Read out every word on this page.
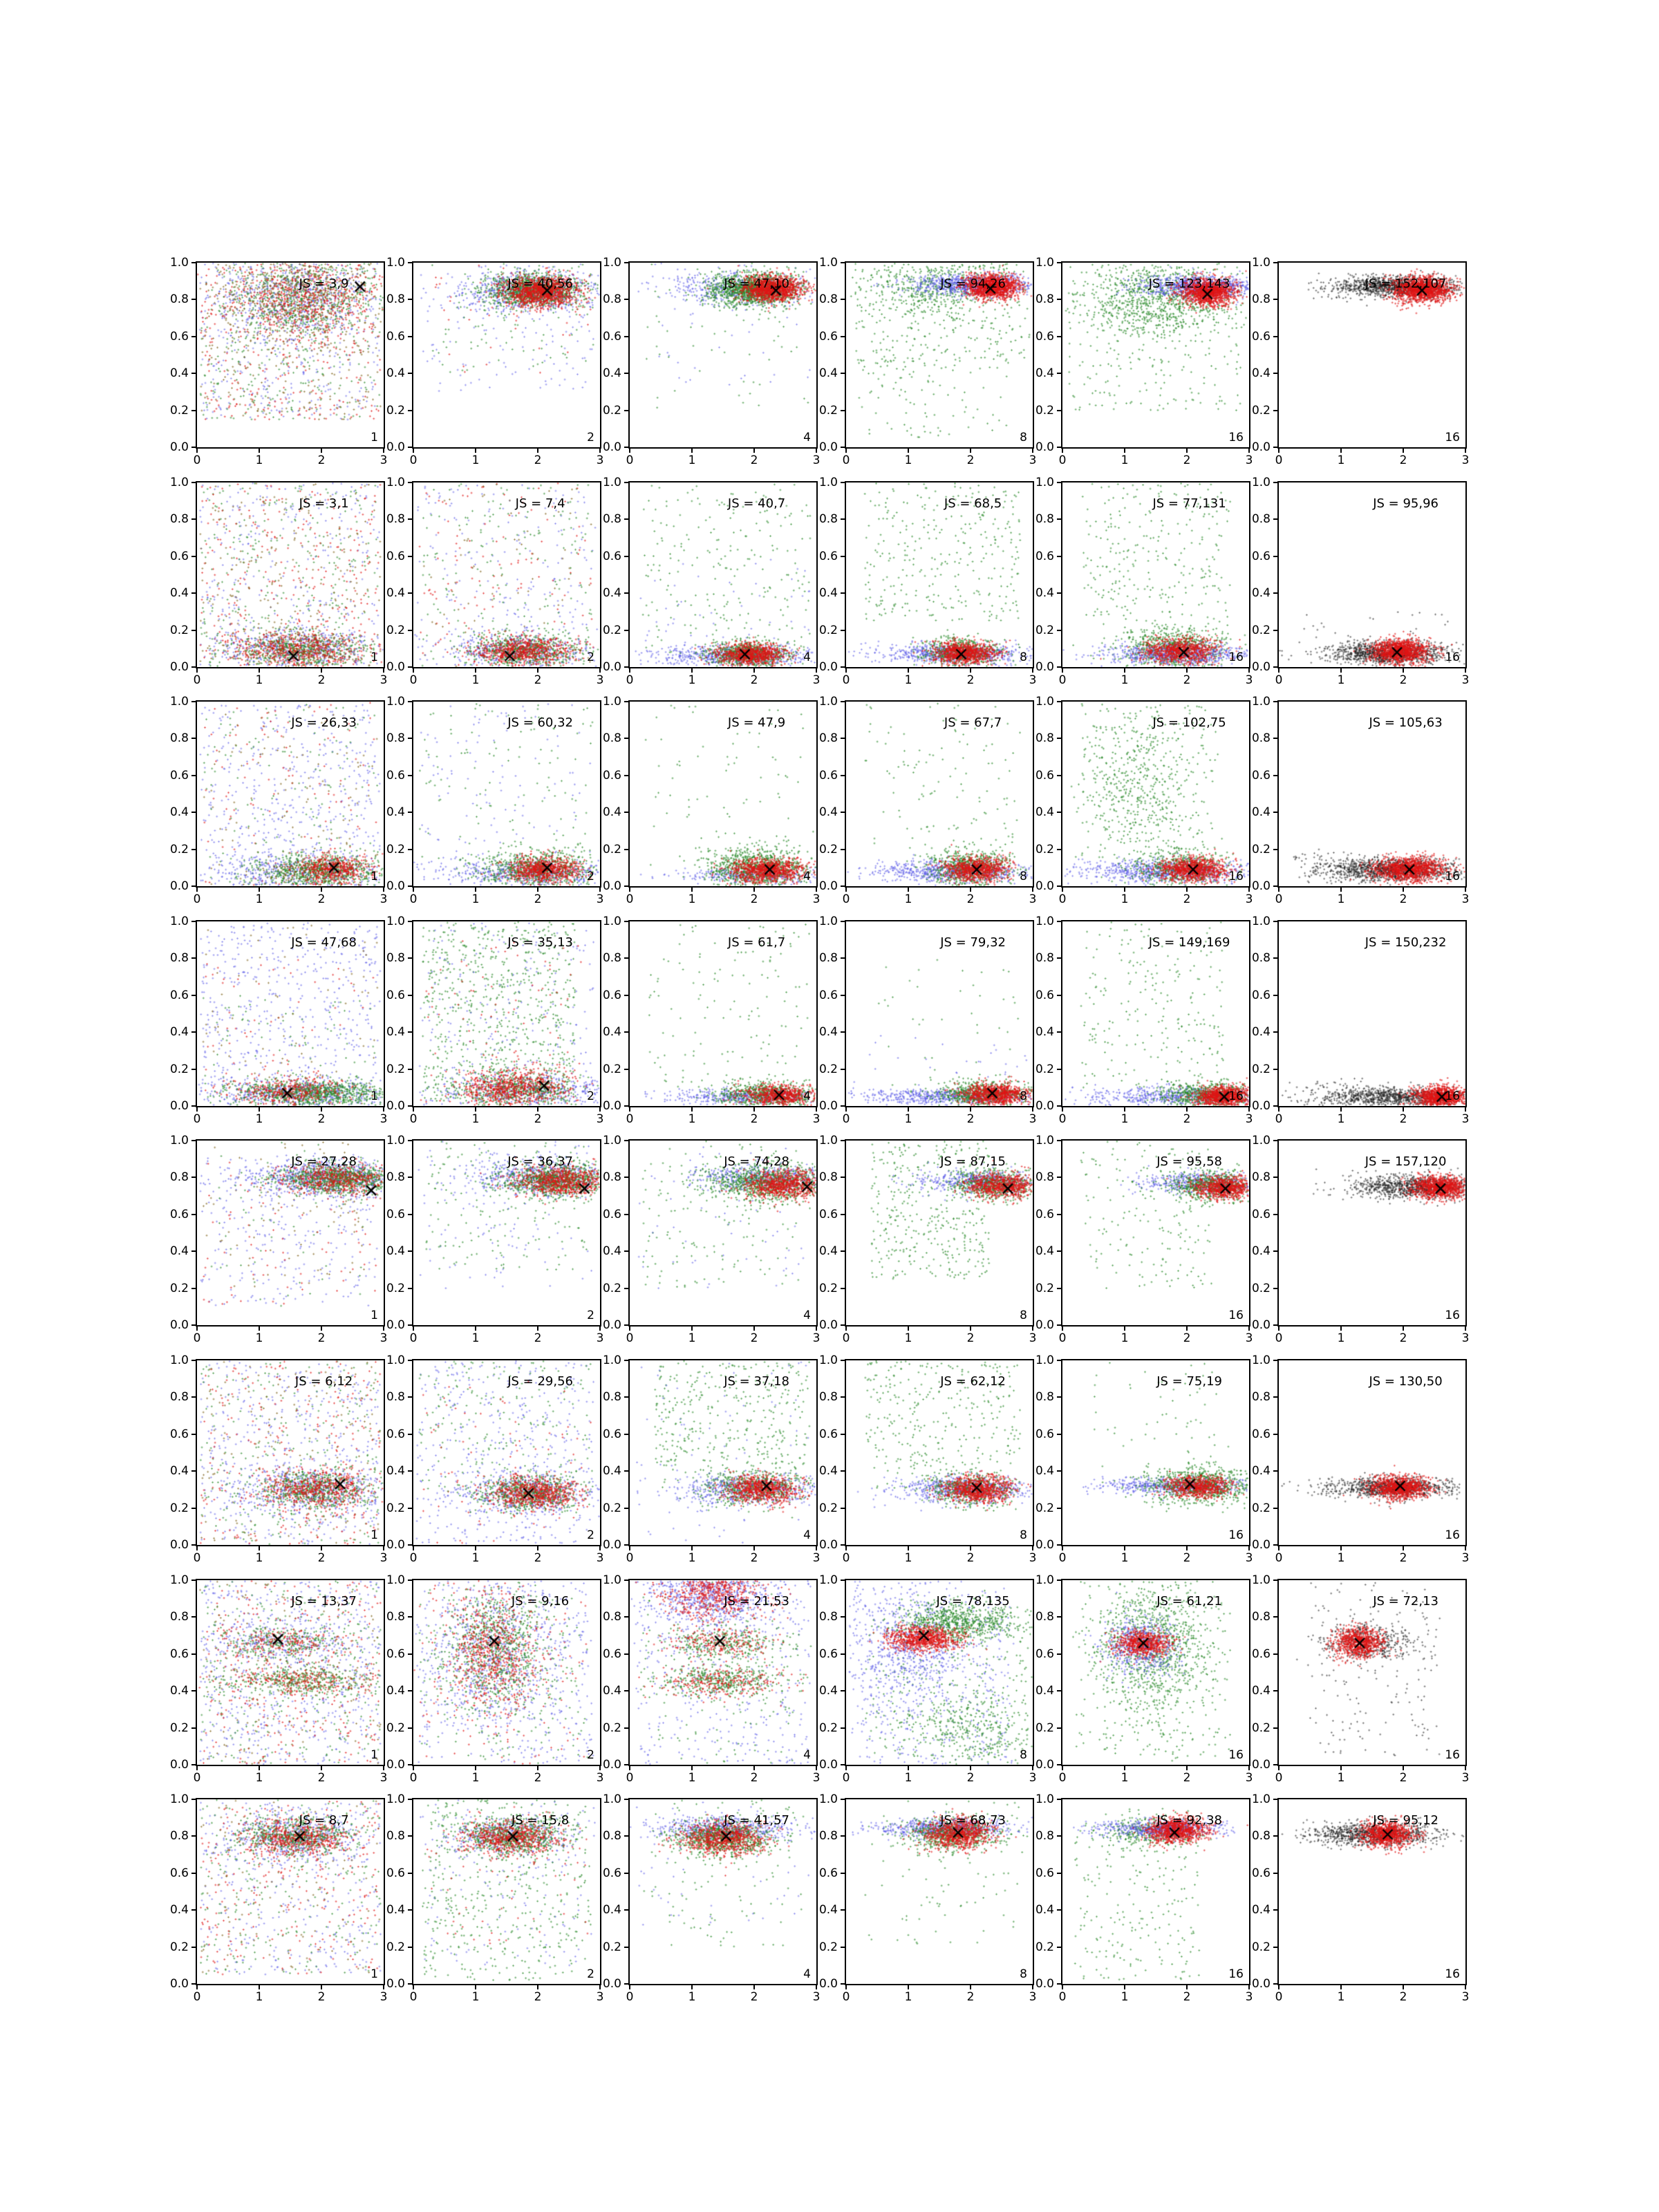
0	1	2	3
1.0
0.8
0.6
0.4
0.2
0.0
JS = 3,9
1
0	1	2	3
1.0
0.8
0.6
0.4
0.2
0.0
JS = 40,56
2
0	1	2	3
1.0
0.8
0.6
0.4
0.2
0.0
JS = 47,10
4
0	1	2	3
1.0
0.8
0.6
0.4
0.2
0.0
JS = 94,26
8
0	1	2	3
1.0
0.8
0.6
0.4
0.2
0.0
JS = 123,143
16
0	1	2	3
1.0
0.8
0.6
0.4
0.2
0.0
JS = 152,107
16
0	1	2	3
1.0
0.8
0.6
0.4
0.2
0.0
JS = 3,1
1
0	1	2	3
1.0
0.8
0.6
0.4
0.2
0.0
JS = 7,4
2
0	1	2	3
1.0
0.8
0.6
0.4
0.2
0.0
JS = 40,7
4
0	1	2	3
1.0
0.8
0.6
0.4
0.2
0.0
JS = 68,5
8
0	1	2	3
1.0
0.8
0.6
0.4
0.2
0.0
JS = 77,131
16
0	1	2	3
1.0
0.8
0.6
0.4
0.2
0.0
JS = 95,96
16
0	1	2	3
1.0
0.8
0.6
0.4
0.2
0.0
JS = 26,33
1
0	1	2	3
1.0
0.8
0.6
0.4
0.2
0.0
JS = 60,32
2
0	1	2	3
1.0
0.8
0.6
0.4
0.2
0.0
JS = 47,9
4
0	1	2	3
1.0
0.8
0.6
0.4
0.2
0.0
JS = 67,7
8
0	1	2	3
1.0
0.8
0.6
0.4
0.2
0.0
JS = 102,75
16
0	1	2	3
1.0
0.8
0.6
0.4
0.2
0.0
JS = 105,63
16
0	1	2	3
1.0
0.8
0.6
0.4
0.2
0.0
JS = 47,68
1
0	1	2	3
1.0
0.8
0.6
0.4
0.2
0.0
JS = 35,13
2
0	1	2	3
1.0
0.8
0.6
0.4
0.2
0.0
JS = 61,7
4
0	1	2	3
1.0
0.8
0.6
0.4
0.2
0.0
JS = 79,32
8
0	1	2	3
1.0
0.8
0.6
0.4
0.2
0.0
JS = 149,169
16
0	1	2	3
1.0
0.8
0.6
0.4
0.2
0.0
JS = 150,232
16
0	1	2	3
1.0
0.8
0.6
0.4
0.2
0.0
JS = 27,28
1
0	1	2	3
1.0
0.8
0.6
0.4
0.2
0.0
JS = 36,37
2
0	1	2	3
1.0
0.8
0.6
0.4
0.2
0.0
JS = 74,28
4
0	1	2	3
1.0
0.8
0.6
0.4
0.2
0.0
JS = 87,15
8
0	1	2	3
1.0
0.8
0.6
0.4
0.2
0.0
JS = 95,58
16
0	1	2	3
1.0
0.8
0.6
0.4
0.2
0.0
JS = 157,120
16
0	1	2	3
1.0
0.8
0.6
0.4
0.2
0.0
JS = 6,12
1
0	1	2	3
1.0
0.8
0.6
0.4
0.2
0.0
JS = 29,56
2
0	1	2	3
1.0
0.8
0.6
0.4
0.2
0.0
JS = 37,18
4
0	1	2	3
1.0
0.8
0.6
0.4
0.2
0.0
JS = 62,12
8
0	1	2	3
1.0
0.8
0.6
0.4
0.2
0.0
JS = 75,19
16
0	1	2	3
1.0
0.8
0.6
0.4
0.2
0.0
JS = 130,50
16
0	1	2	3
1.0
0.8
0.6
0.4
0.2
0.0
JS = 13,37
1
0	1	2	3
1.0
0.8
0.6
0.4
0.2
0.0
JS = 9,16
2
0	1	2	3
1.0
0.8
0.6
0.4
0.2
0.0
JS = 21,53
4
0	1	2	3
1.0
0.8
0.6
0.4
0.2
0.0
JS = 78,135
8
0	1	2	3
1.0
0.8
0.6
0.4
0.2
0.0
JS = 61,21
16
0	1	2	3
1.0
0.8
0.6
0.4
0.2
0.0
JS = 72,13
16
0	1	2	3
1.0
0.8
0.6
0.4
0.2
0.0
JS = 8,7
1
0	1	2	3
1.0
0.8
0.6
0.4
0.2
0.0
JS = 15,8
2
0	1	2	3
1.0
0.8
0.6
0.4
0.2
0.0
JS = 41,57
4
0	1	2	3
1.0
0.8
0.6
0.4
0.2
0.0
JS = 68,73
8
0	1	2	3
1.0
0.8
0.6
0.4
0.2
0.0
JS = 92,38
16
0	1	2	3
1.0
0.8
0.6
0.4
0.2
0.0
JS = 95,12
16
